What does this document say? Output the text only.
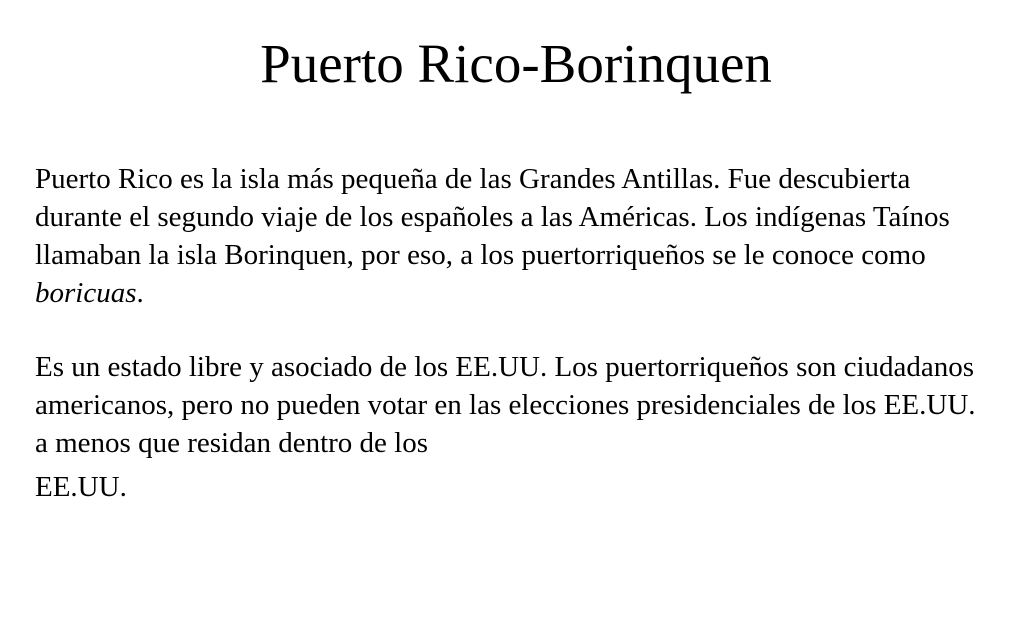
Puerto Rico-Borinquen

Puerto Rico es la isla más pequeña de las Grandes Antillas. Fue descubierta durante el segundo viaje de los españoles a las Américas. Los indígenas Taínos llamaban la isla Borinquen, por eso, a los puertorriqueños se le conoce como boricuas.

Es un estado libre y asociado de los EE.UU. Los puertorriqueños son ciudadanos americanos, pero no pueden votar en las elecciones presidenciales de los EE.UU. a menos que residan dentro de los
EE.UU.
